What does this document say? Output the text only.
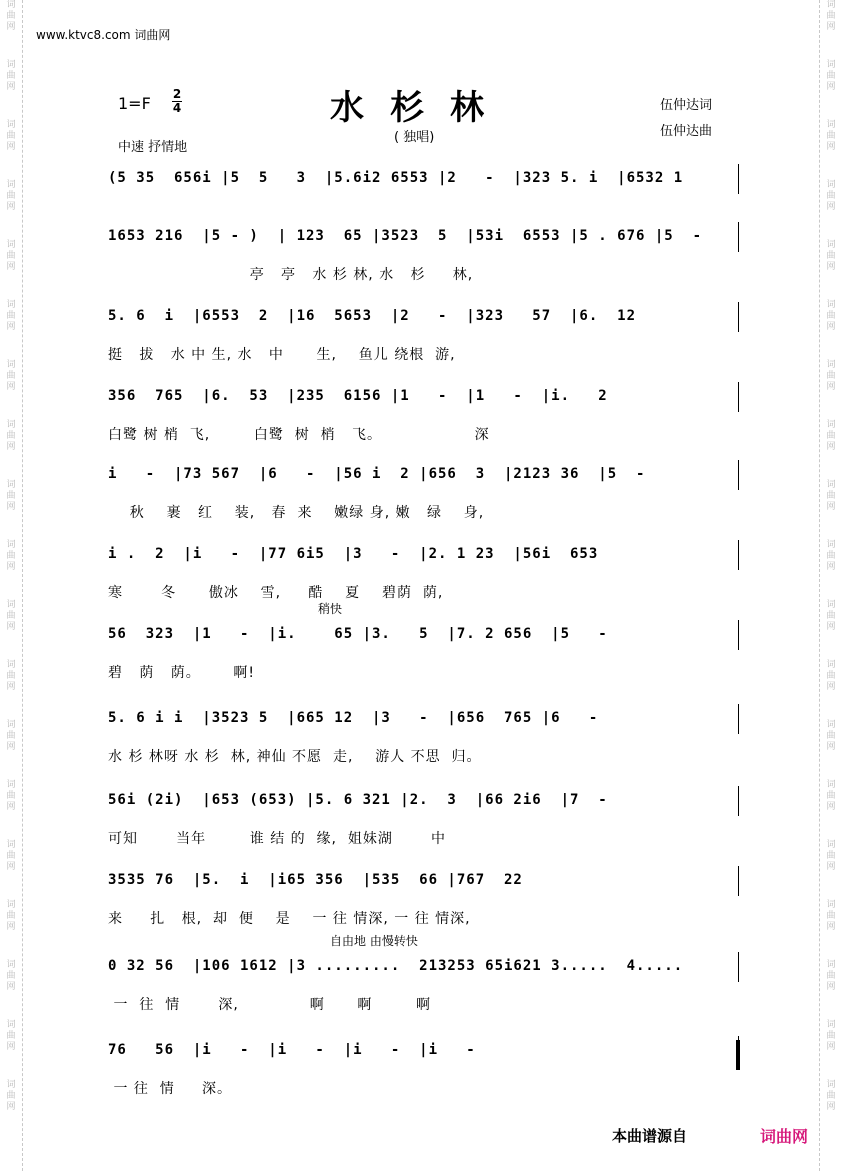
词
曲
网
词
曲
网
词
曲
网
词
曲
网
词
曲
网
词
曲
网
词
曲
网
词
曲
网
词
曲
网
词
曲
网
词
曲
网
词
曲
网
词
曲
网
词
曲
网
词
曲
网
词
曲
网
词
曲
网
词
曲
网
词
曲
网
词
曲
网
词
曲
网
词
曲
网
词
曲
网
词
曲
网
词
曲
网
词
曲
网
词
曲
网
词
曲
网
词
曲
网
词
曲
网
词
曲
网
词
曲
网
词
曲
网
词
曲
网
词
曲
网
词
曲
网
词
曲
网
词
曲
网
www.ktvc8.com 词曲网
1=F 2
4
中速 抒情地
水杉林
( 独唱)
伍仲达词
伍仲达曲
(5 35  656i |5  5   3  |5.6i2 6553 |2   -  |323 5. i  |6532 1
1653 216  |5 - )  | 123  65 |3523  5  |53i  6553 |5 . 676 |5  -
亭   亭   水 杉 林, 水   杉     林,
5. 6  i  |6553  2  |16  5653  |2   -  |323   57  |6.  12
挺   拔   水 中 生, 水   中      生,    鱼儿 绕根  游,
356  765  |6.  53  |235  6156 |1   -  |1   -  |i.   2
白鹭 树 梢  飞,        白鹭  树  梢   飞。                 深
i   -  |73 567  |6   -  |56 i  2 |656  3  |2123 36  |5  -
秋    裹   红    装,   春  来    嫩绿 身, 嫩   绿    身,
i .  2  |i   -  |77 6i5  |3   -  |2. 1 23  |56i  653
寒       冬      傲冰    雪,     酷    夏    碧荫  荫,
56  323  |1   -  |i.    65 |3.   5  |7. 2 656  |5   -
碧   荫   荫。      啊!
5. 6 i i  |3523 5  |665 12  |3   -  |656  765 |6   -
水 杉 林呀 水 杉  林, 神仙 不愿  走,    游人 不思  归。
56i (2i)  |653 (653) |5. 6 321 |2.  3  |66 2i6  |7  -
可知       当年        谁 结 的  缘,  姐妹湖       中
3535 76  |5.  i  |i65 356  |535  66 |767  22
来     扎   根,  却  便    是    一 往 情深, 一 往 情深,
0 32 56  |106 1612 |3 .........  213253 65i621 3.....  4.....
一  往  情       深,             啊      啊        啊
76   56  |i   -  |i   -  |i   -  |i   -
一 往  情     深。
稍快
自由地 由慢转快
本曲谱源自	词曲网
